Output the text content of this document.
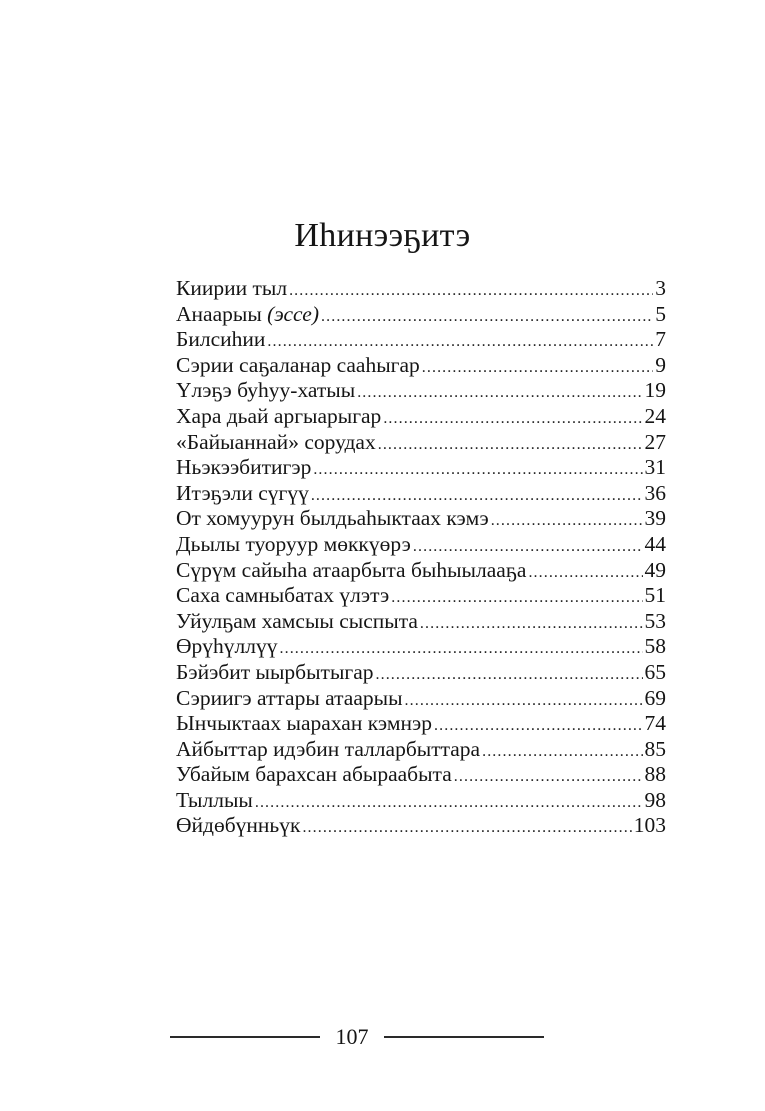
Иһинээҕитэ
Киирии тыл .....	3
Анаарыы (эссе) .....	5
Билсиһии .....	7
Сэрии саҕаланар сааһыгар .....	9
Үлэҕэ буһуу-хатыы .....	19
Хара дьай аргыарыгар .....	24
«Байыаннай» сорудах .....	27
Ньэкээбитигэр .....	31
Итэҕэли сүгүү .....	36
От хомуурун былдьаһыктаах кэмэ .....	39
Дьылы туоруур мөккүөрэ .....	44
Сүрүм сайыһа атаарбыта быһыылааҕа .....	49
Саха самныбатах үлэтэ .....	51
Уйулҕам хамсыы сыспыта .....	53
Өрүһүллүү .....	58
Бэйэбит ыырбытыгар .....	65
Сэриигэ аттары атаарыы .....	69
Ынчыктаах ыарахан кэмнэр .....	74
Айбыттар идэбин талларбыттара .....	85
Убайым барахсан абыраабыта .....	88
Тыллыы .....	98
Өйдөбүнньүк .....	103
107
